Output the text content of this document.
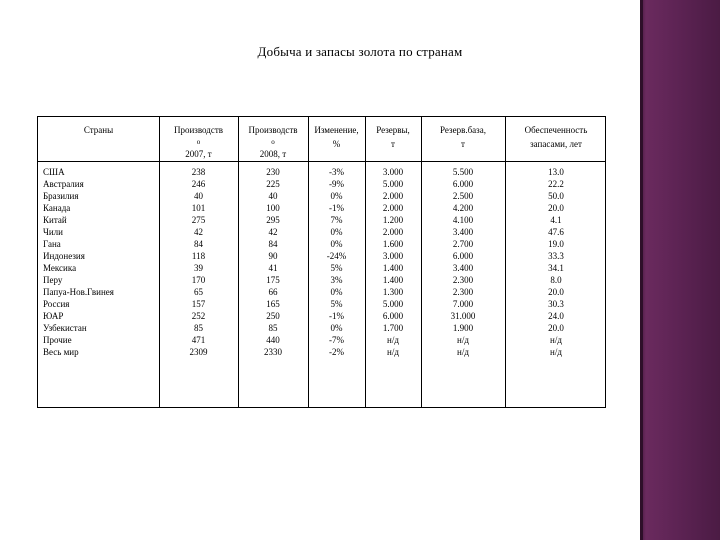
Добыча и запасы золота по странам
Страны	Производств
о
2007, т
Производств
о
2008, т
Изменение,
%
Резервы,
т
Резерв.база,
т
Обеспеченность
запасами, лет
США
Австралия
Бразилия
Канада
Китай
Чили
Гана
Индонезия
Мексика
Перу
Папуа-Нов.Гвинея
Россия
ЮАР
Узбекистан
Прочие
Весь мир
238
246
40
101
275
42
84
118
39
170
65
157
252
85
471
2309
230
225
40
100
295
42
84
90
41
175
66
165
250
85
440
2330
-3%
-9%
0%
-1%
7%
0%
0%
-24%
5%
3%
0%
5%
-1%
0%
-7%
-2%
3.000
5.000
2.000
2.000
1.200
2.000
1.600
3.000
1.400
1.400
1.300
5.000
6.000
1.700
н/д
н/д
5.500
6.000
2.500
4.200
4.100
3.400
2.700
6.000
3.400
2.300
2.300
7.000
31.000
1.900
н/д
н/д
13.0
22.2
50.0
20.0
4.1
47.6
19.0
33.3
34.1
8.0
20.0
30.3
24.0
20.0
н/д
н/д
